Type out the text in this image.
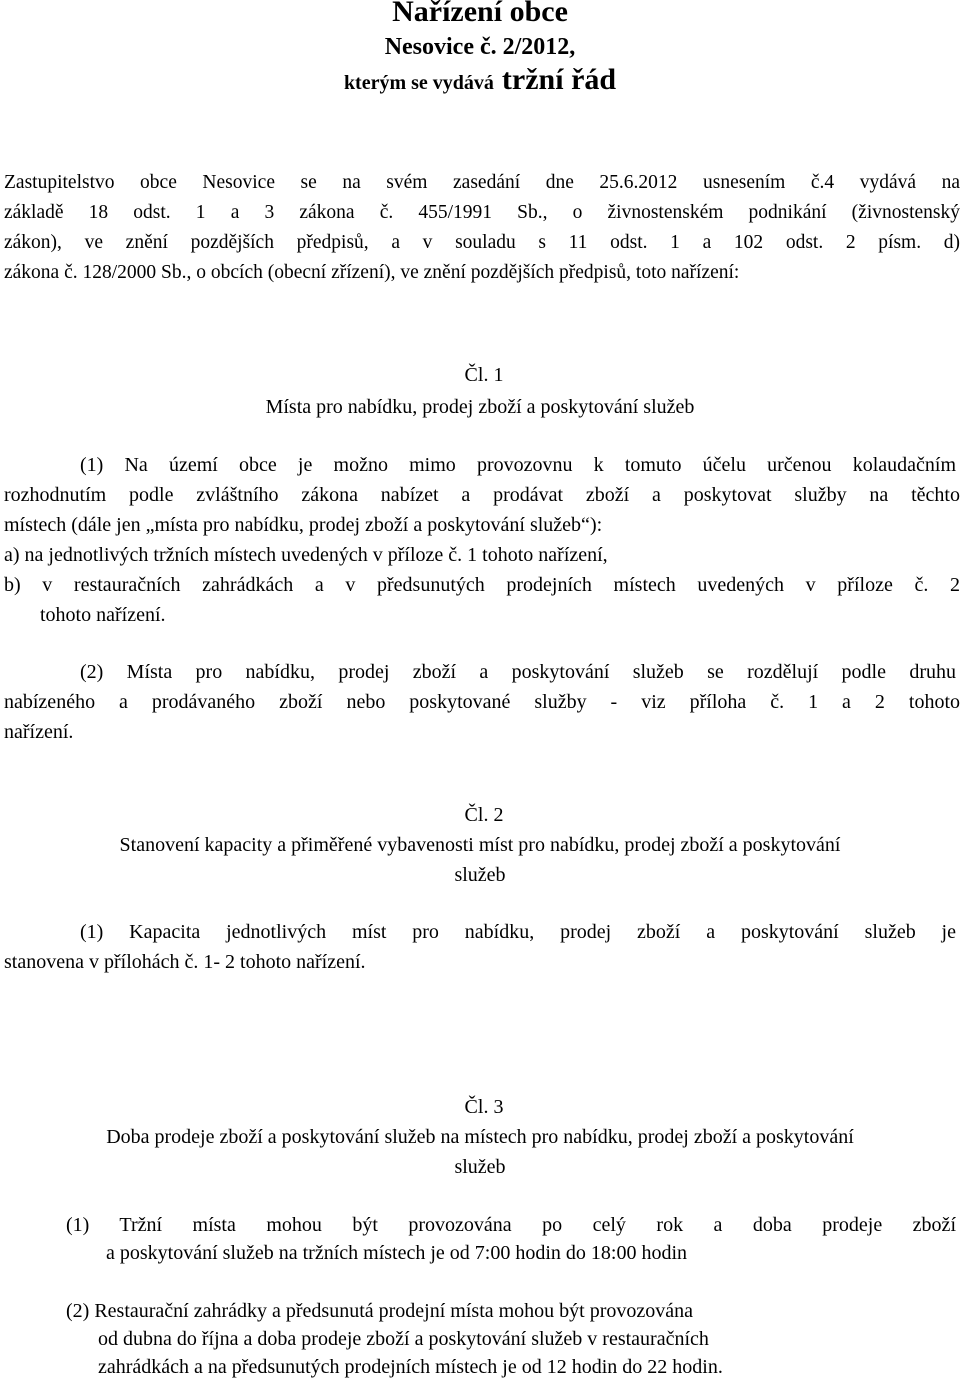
Nařízení obce

Nesovice č. 2/2012,

kterým se vydává tržní řád

Zastupitelstvo obce Nesovice se na svém zasedání dne 25.6.2012 usnesením č.4 vydává na

základě 18 odst. 1 a 3 zákona č. 455/1991 Sb., o živnostenském podnikání (živnostenský

zákon), ve znění pozdějších předpisů, a v souladu s 11 odst. 1 a 102 odst. 2 písm. d)

zákona č. 128/2000 Sb., o obcích (obecní zřízení), ve znění pozdějších předpisů, toto nařízení:

Čl. 1

Místa pro nabídku, prodej zboží a poskytování služeb

(1) Na území obce je možno mimo provozovnu k tomuto účelu určenou kolaudačním

rozhodnutím podle zvláštního zákona nabízet a prodávat zboží a poskytovat služby na těchto

místech (dále jen „místa pro nabídku, prodej zboží a poskytování služeb“):

a) na jednotlivých tržních místech uvedených v příloze č. 1 tohoto nařízení,

b) v restauračních zahrádkách a v předsunutých prodejních místech uvedených v příloze č. 2

tohoto nařízení.

(2) Místa pro nabídku, prodej zboží a poskytování služeb se rozdělují podle druhu

nabízeného a prodávaného zboží nebo poskytované služby - viz příloha č. 1 a 2 tohoto

nařízení.

Čl. 2

Stanovení kapacity a přiměřené vybavenosti míst pro nabídku, prodej zboží a poskytování

služeb

(1) Kapacita jednotlivých míst pro nabídku, prodej zboží a poskytování služeb je

stanovena v přílohách č. 1- 2 tohoto nařízení.

Čl. 3

Doba prodeje zboží a poskytování služeb na místech pro nabídku, prodej zboží a poskytování

služeb

(1) Tržní místa mohou být provozována po celý rok a doba prodeje zboží

a poskytování služeb na tržních místech je od 7:00 hodin do 18:00 hodin

(2) Restaurační zahrádky a předsunutá prodejní místa mohou být provozována

od dubna do října a doba prodeje zboží a poskytování služeb v restauračních

zahrádkách a na předsunutých prodejních místech je od 12 hodin do 22 hodin.
